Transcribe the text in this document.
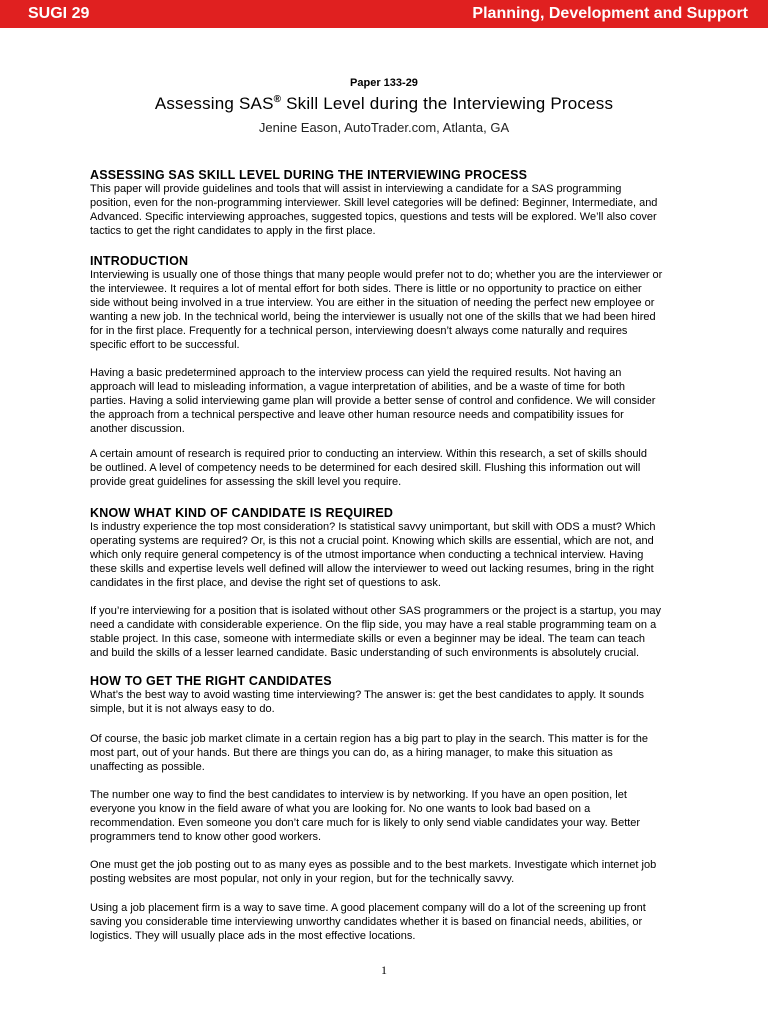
SUGI 29	Planning, Development and Support
Paper 133-29
Assessing SAS® Skill Level during the Interviewing Process
Jenine Eason, AutoTrader.com, Atlanta, GA
ASSESSING SAS SKILL LEVEL DURING THE INTERVIEWING PROCESS
This paper will provide guidelines and tools that will assist in interviewing a candidate for a SAS programming
position, even for the non-programming interviewer. Skill level categories will be defined: Beginner, Intermediate, and
Advanced. Specific interviewing approaches, suggested topics, questions and tests will be explored. We’ll also cover
tactics to get the right candidates to apply in the first place.
INTRODUCTION
Interviewing is usually one of those things that many people would prefer not to do; whether you are the interviewer or
the interviewee. It requires a lot of mental effort for both sides. There is little or no opportunity to practice on either
side without being involved in a true interview. You are either in the situation of needing the perfect new employee or
wanting a new job. In the technical world, being the interviewer is usually not one of the skills that we had been hired
for in the first place. Frequently for a technical person, interviewing doesn’t always come naturally and requires
specific effort to be successful.
Having a basic predetermined approach to the interview process can yield the required results. Not having an
approach will lead to misleading information, a vague interpretation of abilities, and be a waste of time for both
parties. Having a solid interviewing game plan will provide a better sense of control and confidence. We will consider
the approach from a technical perspective and leave other human resource needs and compatibility issues for
another discussion.
A certain amount of research is required prior to conducting an interview. Within this research, a set of skills should
be outlined. A level of competency needs to be determined for each desired skill. Flushing this information out will
provide great guidelines for assessing the skill level you require.
KNOW WHAT KIND OF CANDIDATE IS REQUIRED
Is industry experience the top most consideration? Is statistical savvy unimportant, but skill with ODS a must? Which
operating systems are required? Or, is this not a crucial point. Knowing which skills are essential, which are not, and
which only require general competency is of the utmost importance when conducting a technical interview. Having
these skills and expertise levels well defined will allow the interviewer to weed out lacking resumes, bring in the right
candidates in the first place, and devise the right set of questions to ask.
If you’re interviewing for a position that is isolated without other SAS programmers or the project is a startup, you may
need a candidate with considerable experience. On the flip side, you may have a real stable programming team on a
stable project. In this case, someone with intermediate skills or even a beginner may be ideal. The team can teach
and build the skills of a lesser learned candidate. Basic understanding of such environments is absolutely crucial.
HOW TO GET THE RIGHT CANDIDATES
What’s the best way to avoid wasting time interviewing? The answer is: get the best candidates to apply. It sounds
simple, but it is not always easy to do.
Of course, the basic job market climate in a certain region has a big part to play in the search. This matter is for the
most part, out of your hands. But there are things you can do, as a hiring manager, to make this situation as
unaffecting as possible.
The number one way to find the best candidates to interview is by networking. If you have an open position, let
everyone you know in the field aware of what you are looking for. No one wants to look bad based on a
recommendation. Even someone you don’t care much for is likely to only send viable candidates your way. Better
programmers tend to know other good workers.
One must get the job posting out to as many eyes as possible and to the best markets. Investigate which internet job
posting websites are most popular, not only in your region, but for the technically savvy.
Using a job placement firm is a way to save time. A good placement company will do a lot of the screening up front
saving you considerable time interviewing unworthy candidates whether it is based on financial needs, abilities, or
logistics. They will usually place ads in the most effective locations.
1
